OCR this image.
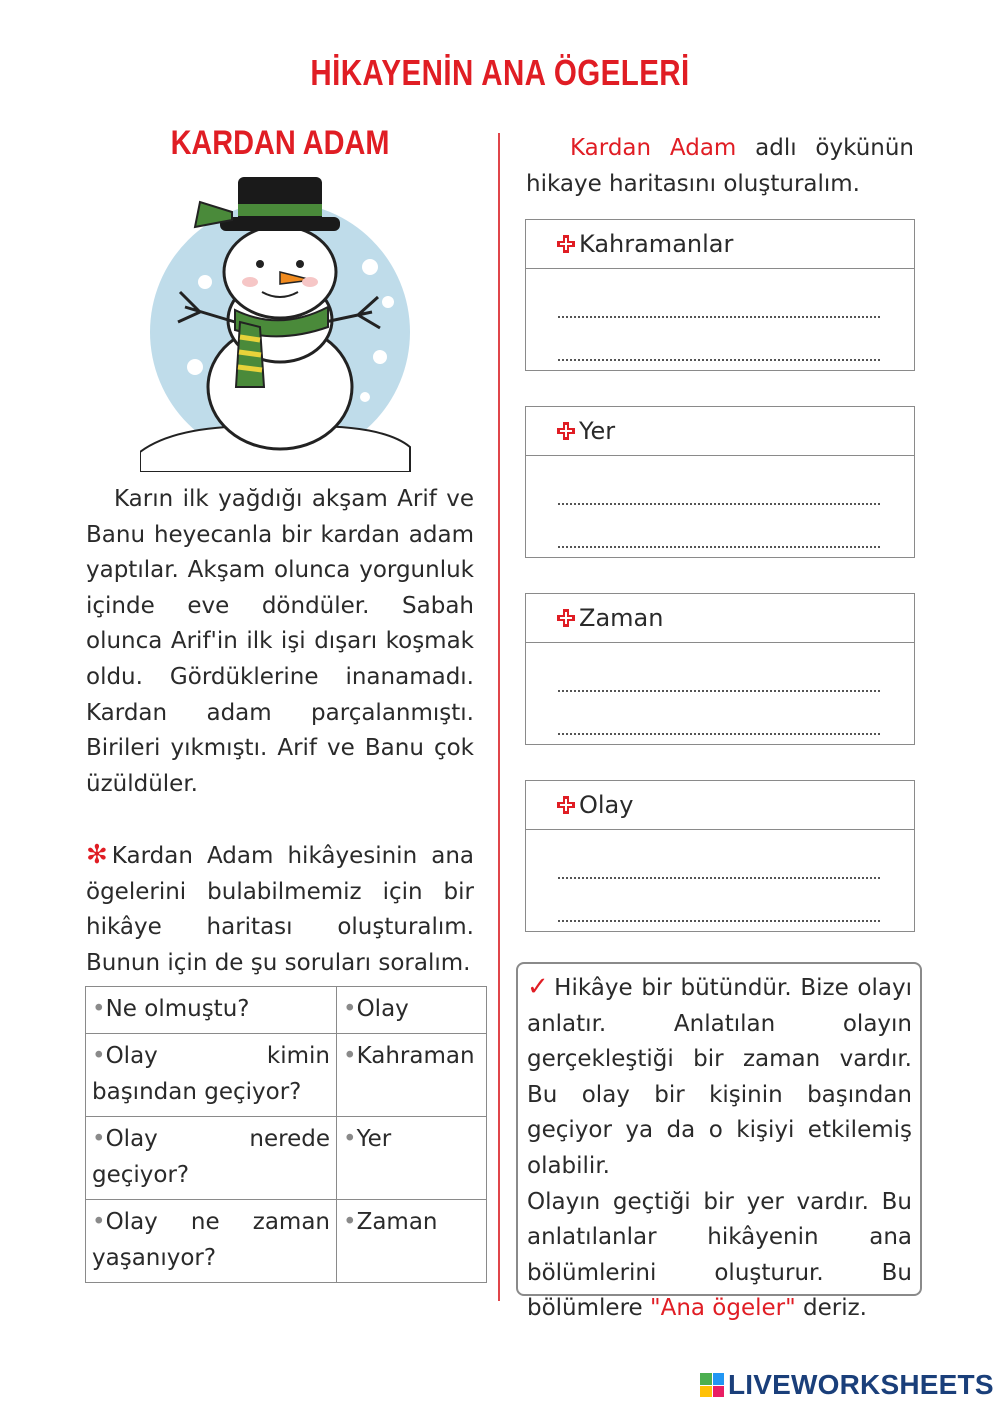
HİKAYENİN ANA ÖGELERİ
KARDAN ADAM

Karın ilk yağdığı akşam Arif ve Banu heyecanla bir kardan adam yaptılar. Akşam olunca yorgunluk içinde eve döndüler. Sabah olunca Arif'in ilk işi dışarı koşmak oldu. Gördüklerine inanamadı. Kardan adam parçalanmıştı. Birileri yıkmıştı. Arif ve Banu çok üzüldüler.

✻ Kardan Adam hikâyesinin ana ögelerini bulabilmemiz için bir hikâye haritası oluşturalım. Bunun için de şu soruları soralım.
•Ne olmuştu?	•Olay
•Olay kimin başından geçiyor?	•Kahraman
•Olay nerede geçiyor?	•Yer
•Olay ne zaman yaşanıyor?	•Zaman
Kardan Adam adlı öykünün hikaye haritasını oluşturalım.
Kahramanlar
Yer
Zaman
Olay
✓ Hikâye bir bütündür. Bize olayı anlatır. Anlatılan olayın gerçekleştiği bir zaman vardır. Bu olay bir kişinin başından geçiyor ya da o kişiyi etkilemiş olabilir.
Olayın geçtiği bir yer vardır. Bu anlatılanlar hikâyenin ana bölümlerini oluşturur. Bu bölümlere "Ana ögeler" deriz.
LIVEWORKSHEETS
